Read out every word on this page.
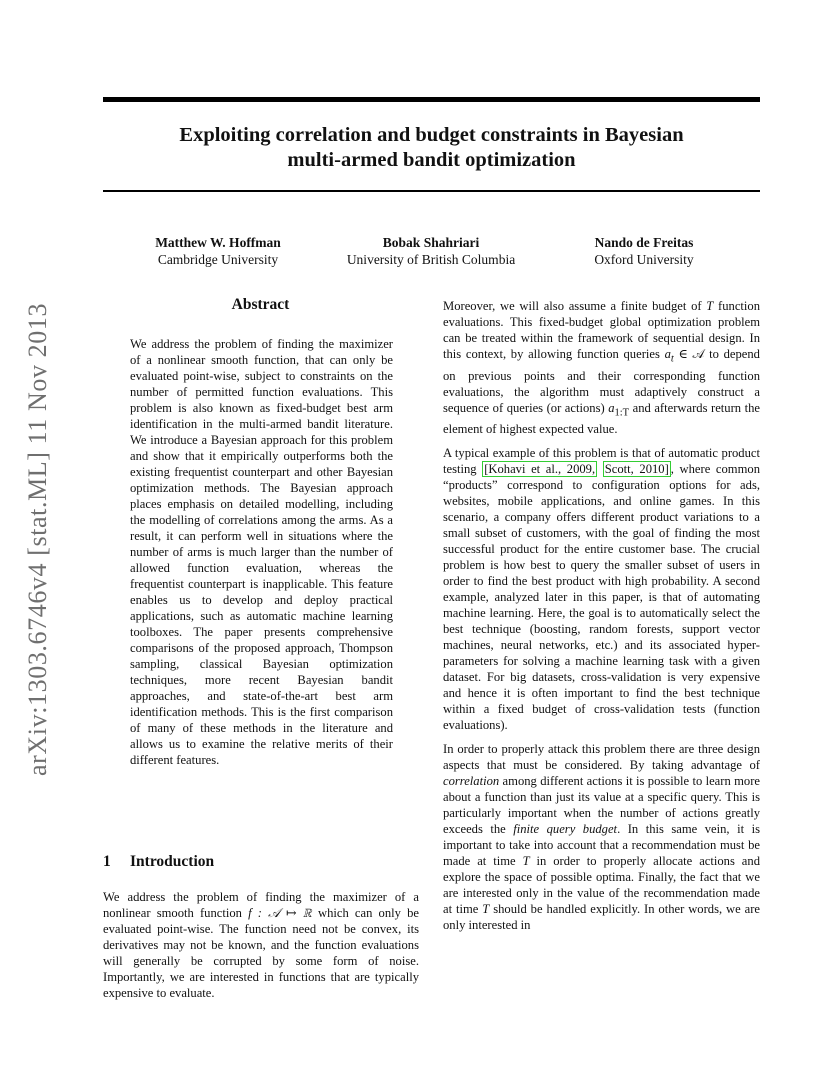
Exploiting correlation and budget constraints in Bayesian
multi-armed bandit optimization
Matthew W. Hoffman
Cambridge University
Bobak Shahriari
University of British Columbia
Nando de Freitas
Oxford University
arXiv:1303.6746v4 [stat.ML] 11 Nov 2013	Abstract
We address the problem of finding the maximizer of a nonlinear smooth function, that can only be evaluated point-wise, subject to constraints on the number of permitted function evaluations. This problem is also known as fixed-budget best arm identification in the multi-armed bandit literature. We introduce a Bayesian approach for this problem and show that it empirically outperforms both the existing frequentist counterpart and other Bayesian optimization methods. The Bayesian approach places emphasis on detailed modelling, including the modelling of correlations among the arms. As a result, it can perform well in situations where the number of arms is much larger than the number of allowed function evaluation, whereas the frequentist counterpart is inapplicable. This feature enables us to develop and deploy practical applications, such as automatic machine learning toolboxes. The paper presents comprehensive comparisons of the proposed approach, Thompson sampling, classical Bayesian optimization techniques, more recent Bayesian bandit approaches, and state-of-the-art best arm identification methods. This is the first comparison of many of these methods in the literature and allows us to examine the relative merits of their different features.
1 Introduction

We address the problem of finding the maximizer of a nonlinear smooth function f : 𝒜 ↦ ℝ which can only be evaluated point-wise. The function need not be convex, its derivatives may not be known, and the function evaluations will generally be corrupted by some form of noise. Importantly, we are interested in functions that are typically expensive to evaluate.

Moreover, we will also assume a finite budget of T function evaluations. This fixed-budget global optimization problem can be treated within the framework of sequential design. In this context, by allowing function queries $a_t$ ∈ 𝒜 to depend on previous points and their corresponding function evaluations, the algorithm must adaptively construct a sequence of queries (or actions) $a_{1:T}$ and afterwards return the element of highest expected value.

A typical example of this problem is that of automatic product testing [Kohavi et al., 2009, Scott, 2010] , where common “products” correspond to configuration options for ads, websites, mobile applications, and online games. In this scenario, a company offers different product variations to a small subset of customers, with the goal of finding the most successful product for the entire customer base. The crucial problem is how best to query the smaller subset of users in order to find the best product with high probability. A second example, analyzed later in this paper, is that of automating machine learning. Here, the goal is to automatically select the best technique (boosting, random forests, support vector machines, neural networks, etc.) and its associated hyper-parameters for solving a machine learning task with a given dataset. For big datasets, cross-validation is very expensive and hence it is often important to find the best technique within a fixed budget of cross-validation tests (function evaluations).

In order to properly attack this problem there are three design aspects that must be considered. By taking advantage of correlation among different actions it is possible to learn more about a function than just its value at a specific query. This is particularly important when the number of actions greatly exceeds the finite query budget. In this same vein, it is important to take into account that a recommendation must be made at time T in order to properly allocate actions and explore the space of possible optima. Finally, the fact that we are interested only in the value of the recommendation made at time T should be handled explicitly. In other words, we are only interested in
